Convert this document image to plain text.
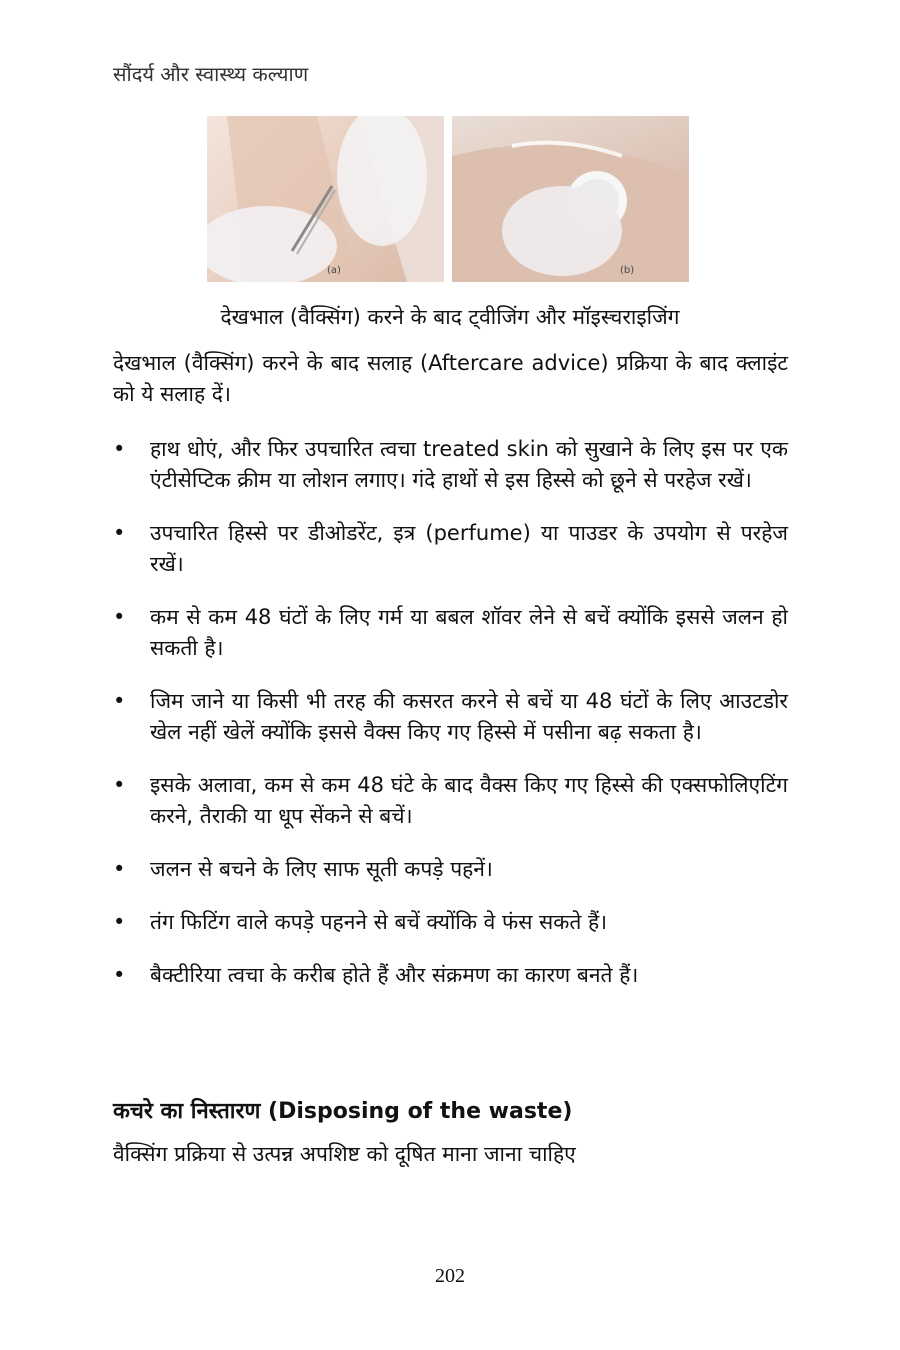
सौंदर्य और स्वास्थ्य कल्याण
(a)	(b)
देखभाल (वैक्सिंग) करने के बाद ट्वीजिंग और मॉइस्चराइजिंग
देखभाल (वैक्सिंग) करने के बाद सलाह (Aftercare advice) प्रक्रिया के बाद क्लाइंट को ये सलाह दें।
• हाथ धोएं, और फिर उपचारित त्वचा treated skin को सुखाने के लिए इस पर एक एंटीसेप्टिक क्रीम या लोशन लगाए। गंदे हाथों से इस हिस्से को छूने से परहेज रखें।
• उपचारित हिस्से पर डीओडरेंट, इत्र (perfume) या पाउडर के उपयोग से परहेज रखें।
• कम से कम 48 घंटों के लिए गर्म या बबल शॉवर लेने से बचें क्योंकि इससे जलन हो सकती है।
• जिम जाने या किसी भी तरह की कसरत करने से बचें या 48 घंटों के लिए आउटडोर खेल नहीं खेलें क्योंकि इससे वैक्स किए गए हिस्से में पसीना बढ़ सकता है।
• इसके अलावा, कम से कम 48 घंटे के बाद वैक्स किए गए हिस्से की एक्सफोलिएटिंग करने, तैराकी या धूप सेंकने से बचें।
• जलन से बचने के लिए साफ सूती कपड़े पहनें।
• तंग फिटिंग वाले कपड़े पहनने से बचें क्योंकि वे फंस सकते हैं।
• बैक्टीरिया त्वचा के करीब होते हैं और संक्रमण का कारण बनते हैं।
कचरे का निस्तारण (Disposing of the waste)
वैक्सिंग प्रक्रिया से उत्पन्न अपशिष्ट को दूषित माना जाना चाहिए
202
